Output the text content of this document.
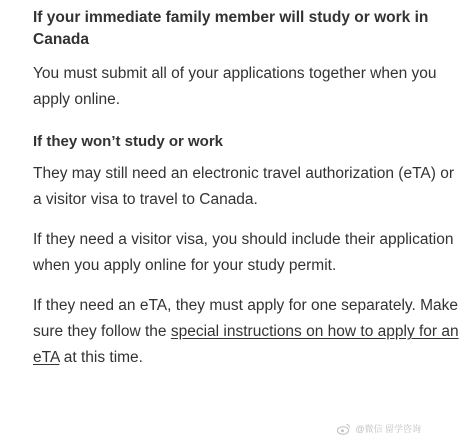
If your immediate family member will study or work in Canada

You must submit all of your applications together when you apply online.

If they won’t study or work

They may still need an electronic travel authorization (eTA) or a visitor visa to travel to Canada.

If they need a visitor visa, you should include their application when you apply online for your study permit.

If they need an eTA, they must apply for one separately. Make sure they follow the special instructions on how to apply for an eTA at this time.

@微信 留学咨询
